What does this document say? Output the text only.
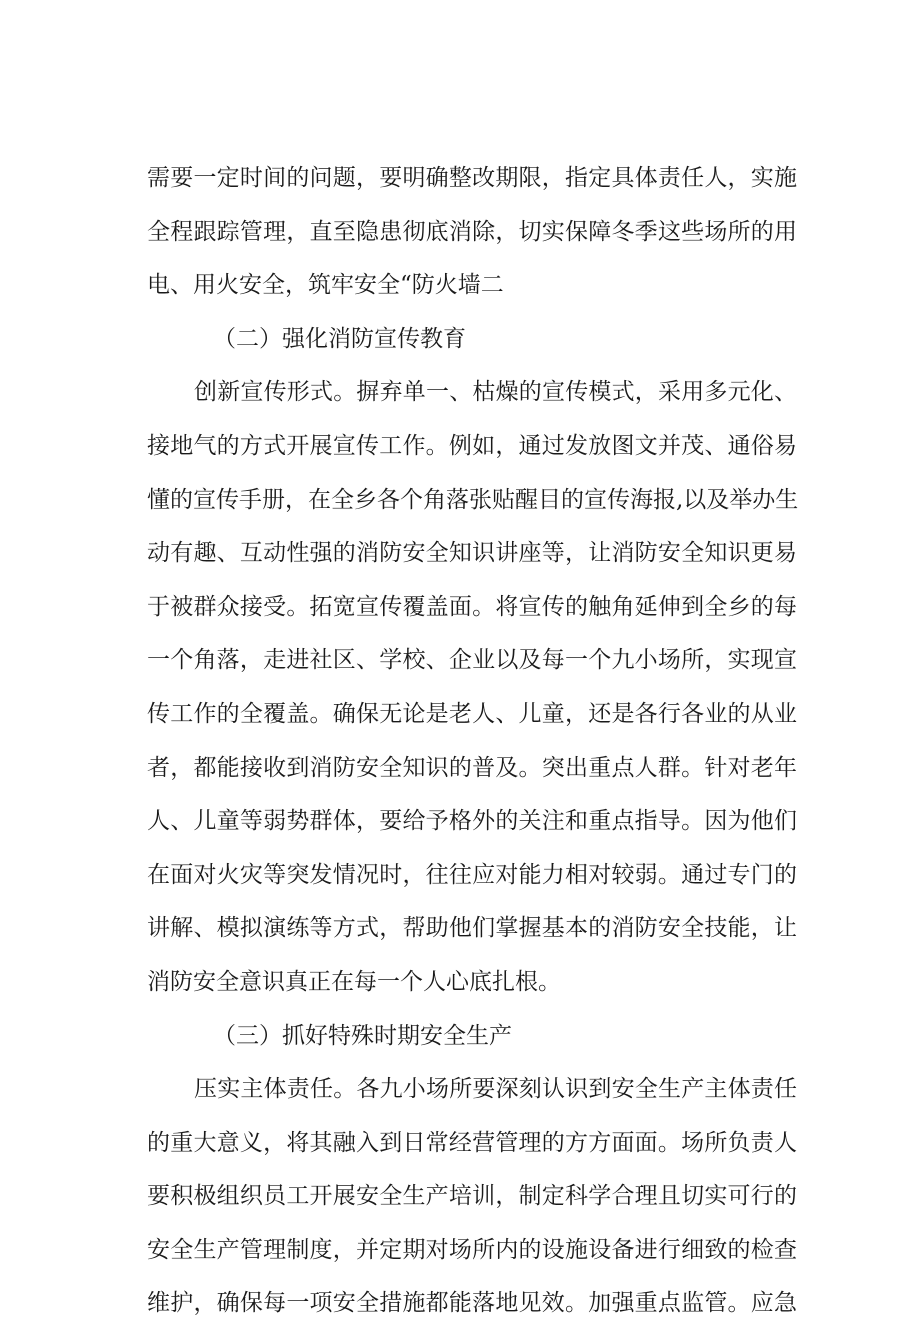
需要一定时间的问题，要明确整改期限，指定具体责任人，实施
全程跟踪管理，直至隐患彻底消除，切实保障冬季这些场所的用
电、用火安全，筑牢安全“防火墙二
（二）强化消防宣传教育
创新宣传形式。摒弃单一、枯燥的宣传模式，采用多元化、
接地气的方式开展宣传工作。例如，通过发放图文并茂、通俗易
懂的宣传手册，在全乡各个角落张贴醒目的宣传海报,以及举办生
动有趣、互动性强的消防安全知识讲座等，让消防安全知识更易
于被群众接受。拓宽宣传覆盖面。将宣传的触角延伸到全乡的每
一个角落，走进社区、学校、企业以及每一个九小场所，实现宣
传工作的全覆盖。确保无论是老人、儿童，还是各行各业的从业
者，都能接收到消防安全知识的普及。突出重点人群。针对老年
人、儿童等弱势群体，要给予格外的关注和重点指导。因为他们
在面对火灾等突发情况时，往往应对能力相对较弱。通过专门的
讲解、模拟演练等方式，帮助他们掌握基本的消防安全技能，让
消防安全意识真正在每一个人心底扎根。
（三）抓好特殊时期安全生产
压实主体责任。各九小场所要深刻认识到安全生产主体责任
的重大意义，将其融入到日常经营管理的方方面面。场所负责人
要积极组织员工开展安全生产培训，制定科学合理且切实可行的
安全生产管理制度，并定期对场所内的设施设备进行细致的检查
维护，确保每一项安全措施都能落地见效。加强重点监管。应急
